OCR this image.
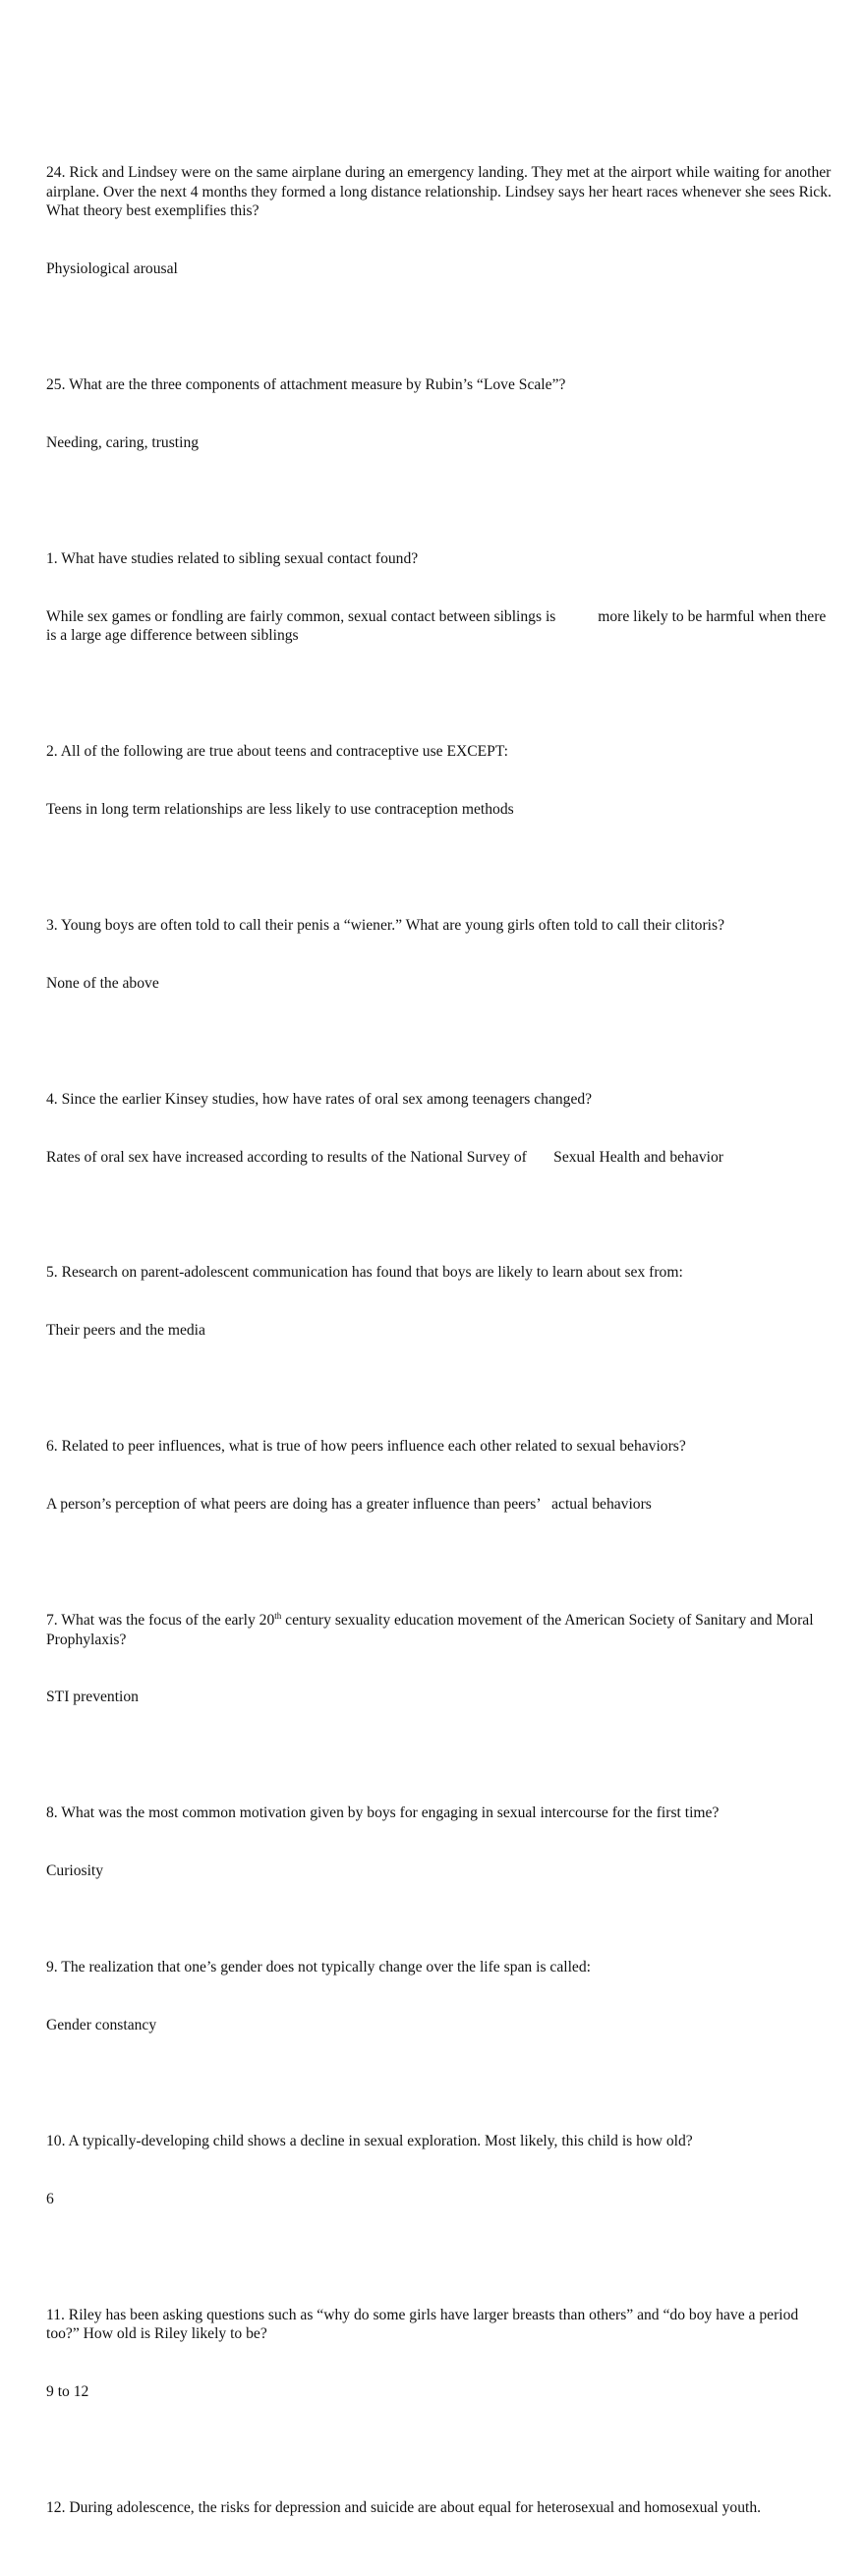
24. Rick and Lindsey were on the same airplane during an emergency landing. They met at the airport while waiting for another airplane. Over the next 4 months they formed a long distance relationship. Lindsey says her heart races whenever she sees Rick. What theory best exemplifies this?

Physiological arousal

25. What are the three components of attachment measure by Rubin’s “Love Scale”?

Needing, caring, trusting

1. What have studies related to sibling sexual contact found?

While sex games or fondling are fairly common, sexual contact between siblings is           more likely to be harmful when there is a large age difference between siblings

2. All of the following are true about teens and contraceptive use EXCEPT:

Teens in long term relationships are less likely to use contraception methods

3. Young boys are often told to call their penis a “wiener.” What are young girls often told to call their clitoris?

None of the above

4. Since the earlier Kinsey studies, how have rates of oral sex among teenagers changed?

Rates of oral sex have increased according to results of the National Survey of       Sexual Health and behavior

5. Research on parent-adolescent communication has found that boys are likely to learn about sex from:

Their peers and the media

6. Related to peer influences, what is true of how peers influence each other related to sexual behaviors?

A person’s perception of what peers are doing has a greater influence than peers’   actual behaviors

7. What was the focus of the early 20th century sexuality education movement of the American Society of Sanitary and Moral Prophylaxis?

STI prevention

8. What was the most common motivation given by boys for engaging in sexual intercourse for the first time?

Curiosity

9. The realization that one’s gender does not typically change over the life span is called:

Gender constancy

10. A typically-developing child shows a decline in sexual exploration. Most likely, this child is how old?

6

11. Riley has been asking questions such as “why do some girls have larger breasts than others” and “do boy have a period too?” How old is Riley likely to be?

9 to 12

12. During adolescence, the risks for depression and suicide are about equal for heterosexual and homosexual youth.
